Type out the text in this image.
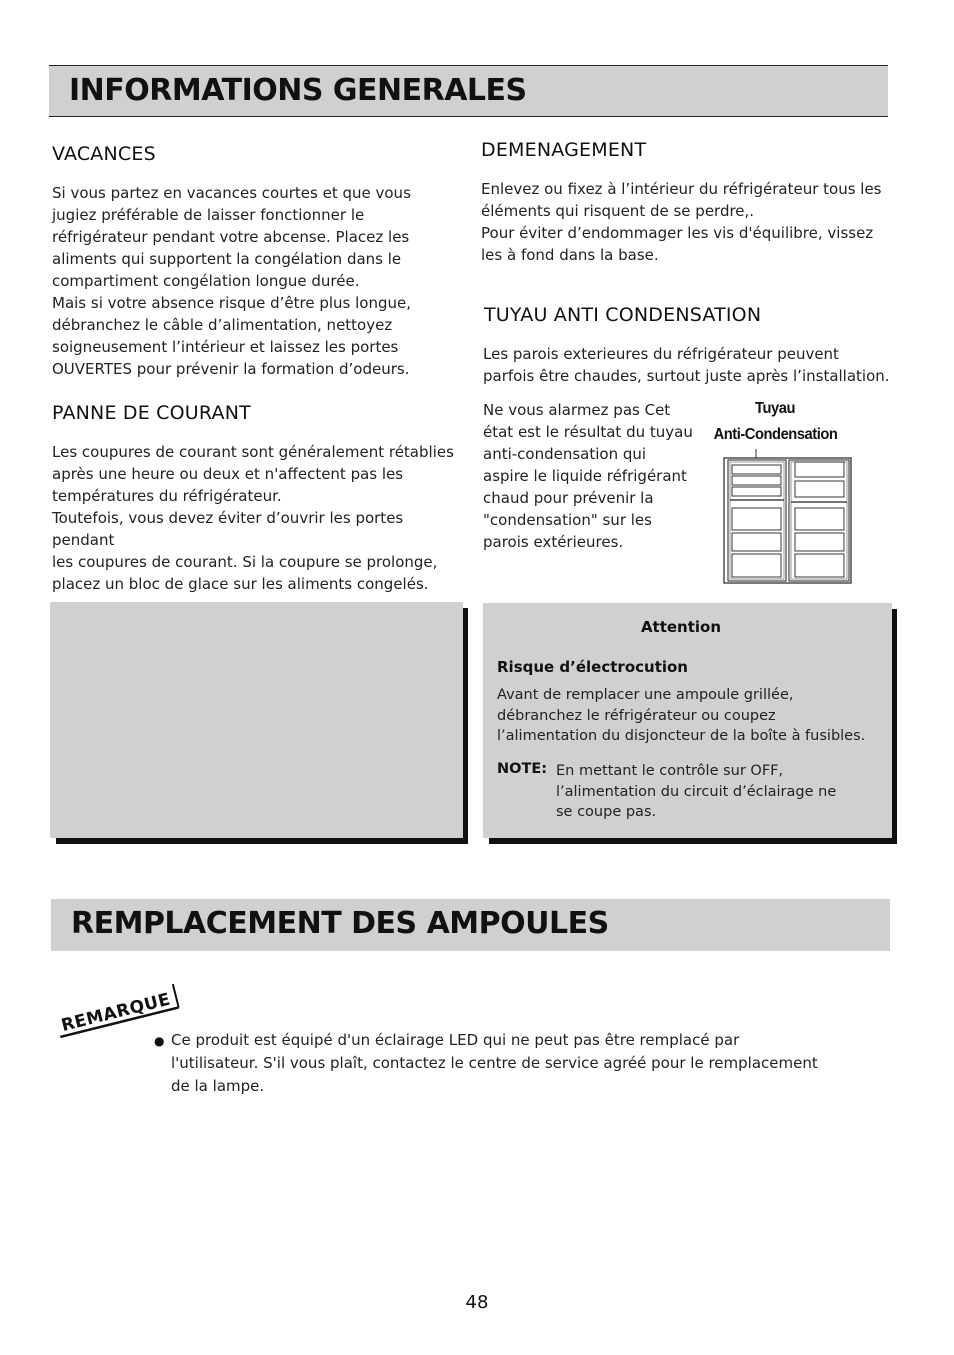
INFORMATIONS GENERALES
VACANCES
Si vous partez en vacances courtes et que vous
jugiez préférable de laisser fonctionner le
réfrigérateur pendant votre abcense. Placez les
aliments qui supportent la congélation dans le
compartiment congélation longue durée.
Mais si votre absence risque d’être plus longue,
débranchez le câble d’alimentation, nettoyez
soigneusement l’intérieur et laissez les portes
OUVERTES pour prévenir la formation d’odeurs.
PANNE DE COURANT
Les coupures de courant sont généralement rétablies
après une heure ou deux et n'affectent pas les
températures du réfrigérateur.
Toutefois, vous devez éviter d’ouvrir les portes pendant
les coupures de courant. Si la coupure se prolonge,
placez un bloc de glace sur les aliments congelés.
DEMENAGEMENT
Enlevez ou fixez à l’intérieur du réfrigérateur tous les
éléments qui risquent de se perdre,.
Pour éviter d’endommager les vis d'équilibre, vissez
les à fond dans la base.
TUYAU ANTI CONDENSATION
Les parois exterieures du réfrigérateur peuvent
parfois être chaudes, surtout juste après l’installation.
Ne vous alarmez pas Cet
état est le résultat du tuyau
anti-condensation qui
aspire le liquide réfrigérant
chaud pour prévenir la
"condensation" sur les
parois extérieures.
Tuyau
Anti-Condensation
Attention
Risque d’électrocution
Avant de remplacer une ampoule grillée,
débranchez le réfrigérateur ou coupez
l’alimentation du disjoncteur de la boîte à fusibles.
NOTE: En mettant le contrôle sur OFF,
l’alimentation du circuit d’éclairage ne
se coupe pas.
REMPLACEMENT DES AMPOULES
REMARQUE
● Ce produit est équipé d'un éclairage LED qui ne peut pas être remplacé par
l'utilisateur. S'il vous plaît, contactez le centre de service agréé pour le remplacement
de la lampe.
48
